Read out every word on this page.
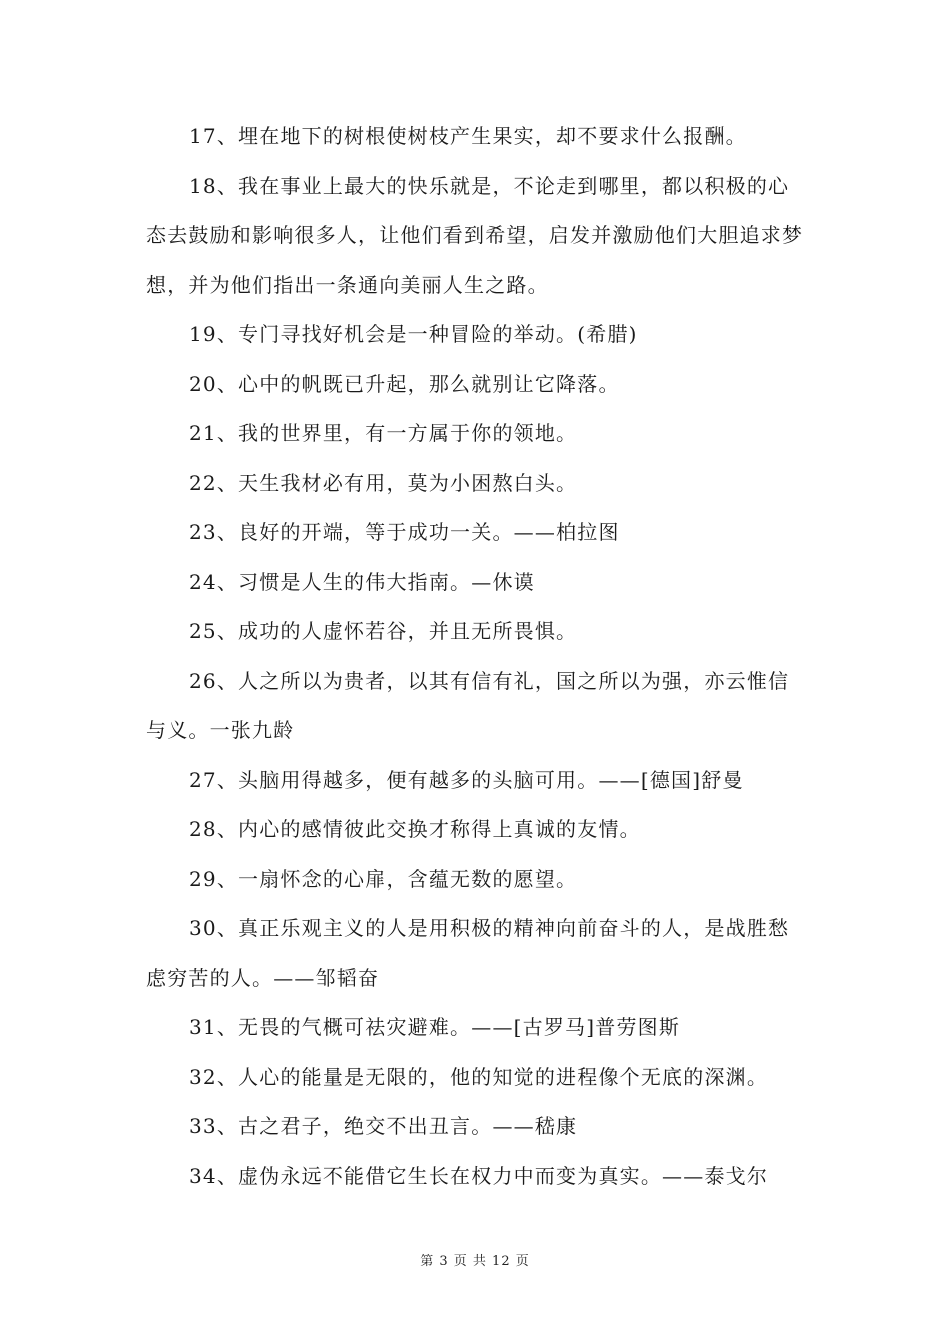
17、埋在地下的树根使树枝产生果实，却不要求什么报酬。

18、我在事业上最大的快乐就是，不论走到哪里，都以积极的心态去鼓励和影响很多人，让他们看到希望，启发并激励他们大胆追求梦想，并为他们指出一条通向美丽人生之路。

19、专门寻找好机会是一种冒险的举动。(希腊)

20、心中的帆既已升起，那么就别让它降落。

21、我的世界里，有一方属于你的领地。

22、天生我材必有用，莫为小困熬白头。

23、良好的开端，等于成功一关。——柏拉图

24、习惯是人生的伟大指南。—休谟

25、成功的人虚怀若谷，并且无所畏惧。

26、人之所以为贵者，以其有信有礼，国之所以为强，亦云惟信与义。一张九龄

27、头脑用得越多，便有越多的头脑可用。——[德国]舒曼

28、内心的感情彼此交换才称得上真诚的友情。

29、一扇怀念的心扉，含蕴无数的愿望。

30、真正乐观主义的人是用积极的精神向前奋斗的人，是战胜愁虑穷苦的人。——邹韬奋

31、无畏的气概可祛灾避难。——[古罗马]普劳图斯

32、人心的能量是无限的，他的知觉的进程像个无底的深渊。

33、古之君子，绝交不出丑言。——嵇康

34、虚伪永远不能借它生长在权力中而变为真实。——泰戈尔

第 3 页 共 12 页
